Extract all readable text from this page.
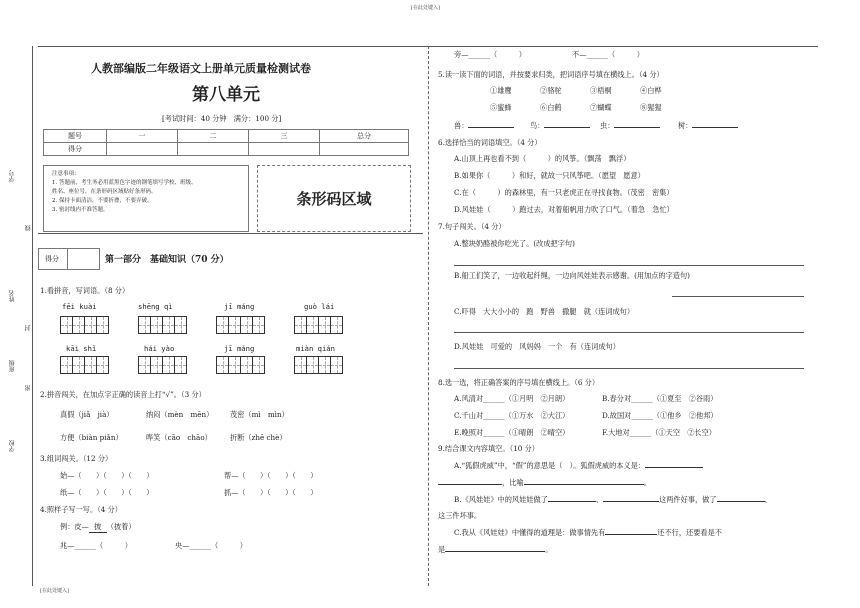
[在此处键入]
[在此处键入]
学号
线
姓名
封
班级
密
学校
人教部编版二年级语文上册单元质量检测试卷
第八单元
[考试时间：40 分钟　满分：100 分]
题号	一	二	三	总分
得分				
注意事项：
1. 答题前，考生务必用蓝黑色字迹的钢笔填写学校、班级、
姓名、座位号，在条形码区域贴好条形码。
2. 保持卡面清洁，不要折叠，不要弄破。
3. 密封线内不准答题。
条形码区域
得分	第一部分　基础知识（70 分）
1.看拼音，写词语。（8 分）
fēi kuài	shēng qì	jī máng	guò lái
kāi shǐ	hái yào	jī máng	miàn qián
2.拼音闯关，在加点字正确的读音上打“√”。（3 分）
真假（jiǎ　jià）	纳闷（mèn　mēn） 茂密（mì　mìn）
方便（biàn piǎn）	哗笑（cāo　chāo）	折断（zhē chè）
3.组词闯关。（12 分）
始—（　　）（　　）（　　）	帮—（　　）（　　）（　　）
纸—（　　）（　　）（　　）	抓—（　　）（　　）（　　）
4.照样子写一写。（4 分）
例：皮— 披 （披着）
兆—______（　　　）	央—______（　　　）
旁—______（　　　）	不—______（　　　）
5.读一读下面的词语，并按要求归类，把词语序号填在横线上。（4 分）
①雄鹰	②骆驼	③梧桐	④白桦
⑤蜜蜂	⑥白鹤	⑦蝴蝶	⑧猩猩
兽：	鸟：	虫：	树：
6.选择恰当的词语填空。（4 分）
A.山顶上再也看不到（　　　）的风筝。（飘荡　飘浮）
B.如果你（　　　）和好，就故一只风筝吧。（愿望　愿意）
C.在（　　　）的森林里，有一只老虎正在寻找食物。（茂密　密集）
D.风娃娃（　　　）跑过去，对着船帆用力吹了口气。（着急　急忙）
7.句子闯关。（4 分）
A.整块奶酪被你吃光了。(改成把字句)
B.船工们笑了，一边收起纤绳，一边向风娃娃表示感谢。(用加点的字造句)
C.吓得　大大小小的　跑　野兽　撒腿　就（连词成句）
D.风娃娃　可爱的　风妈妈　一个　有（连词成句）
8.选一选，将正确答案的序号填在横线上。（6 分）
A.风清对______（①月明　②月朗）	B.春分对______（①夏至　②谷雨）
C.千山对______（①万水　②大江）	D.故国对______（①他乡　②他邦）
E.晚照对______（①晴朗　②晴空）	F.大地对______（①天空　②长空）
9.结合课文内容填空。（10 分）
A.“狐假虎威”中，“假”的意思是（　）。狐假虎威的本义是：
，比喻	。
B.《风娃娃》中的风娃娃做了	、	这两件好事，做了	、
这三件坏事。
C.我从《风娃娃》中懂得的道理是：做事情先有	还不行，还要看是不
是	。
